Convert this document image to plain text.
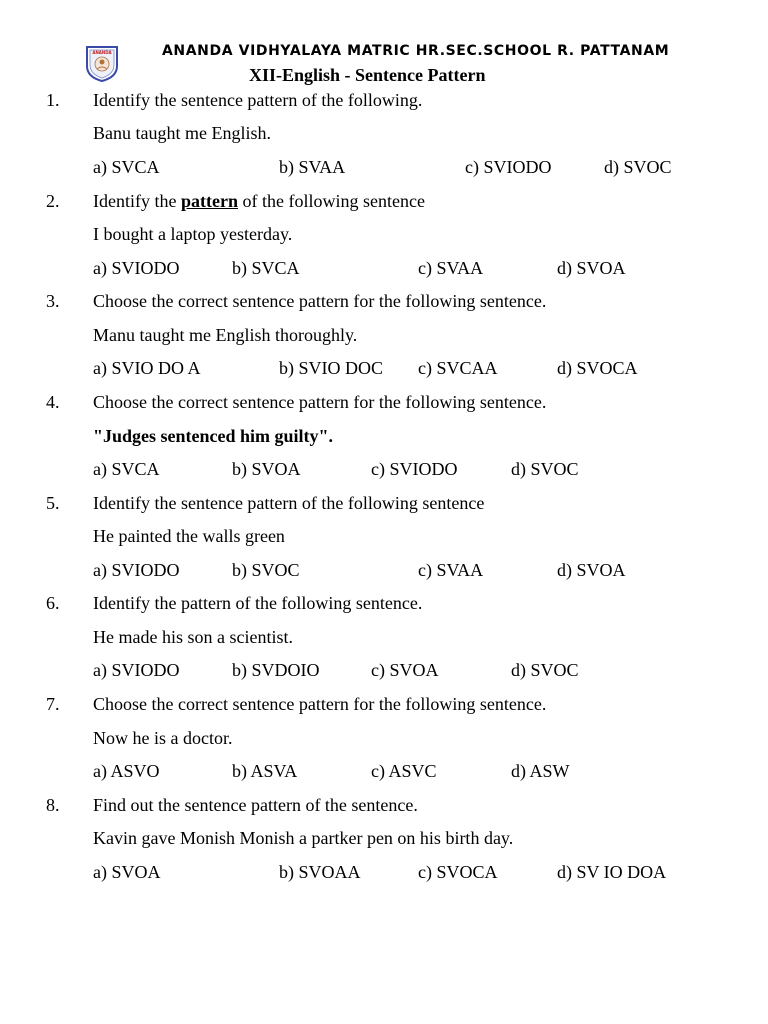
ANANDA	ANANDA VIDHYALAYA MATRIC HR.SEC.SCHOOL R. PATTANAM
XII-English - Sentence Pattern
1. Identify the sentence pattern of the following.
Banu taught me English.
a) SVCA	b) SVAA	c) SVIODO	d) SVOC
2. Identify the pattern of the following sentence
I bought a laptop yesterday.
a) SVIODO	b) SVCA	c) SVAA	d) SVOA
3. Choose the correct sentence pattern for the following sentence.
Manu taught me English thoroughly.
a) SVIO DO A	b) SVIO DOC c) SVCAA	d) SVOCA
4. Choose the correct sentence pattern for the following sentence.
"Judges sentenced him guilty".
a) SVCA	b) SVOA	c) SVIODO	d) SVOC
5. Identify the sentence pattern of the following sentence
He painted the walls green
a) SVIODO	b) SVOC	c) SVAA	d) SVOA
6. Identify the pattern of the following sentence.
He made his son a scientist.
a) SVIODO	b) SVDOIO	c) SVOA	d) SVOC
7. Choose the correct sentence pattern for the following sentence.
Now he is a doctor.
a) ASVO	b) ASVA	c) ASVC	d) ASW
8. Find out the sentence pattern of the sentence.
Kavin gave Monish Monish a partker pen on his birth day.
a) SVOA	b) SVOAA	c) SVOCA	d) SV IO DOA
